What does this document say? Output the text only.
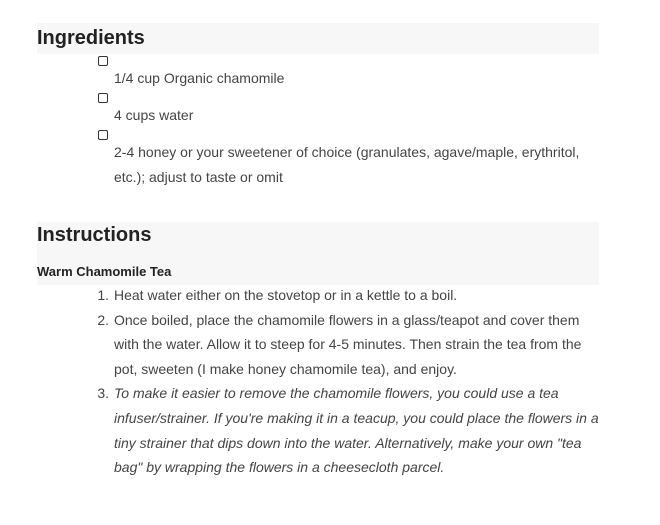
Ingredients
1/4 cup Organic chamomile
4 cups water
2-4 honey or your sweetener of choice (granulates, agave/maple, erythritol, etc.); adjust to taste or omit
Instructions
Warm Chamomile Tea
1. Heat water either on the stovetop or in a kettle to a boil.
2. Once boiled, place the chamomile flowers in a glass/teapot and cover them with the water. Allow it to steep for 4-5 minutes. Then strain the tea from the pot, sweeten (I make honey chamomile tea), and enjoy.
3. To make it easier to remove the chamomile flowers, you could use a tea infuser/strainer. If you're making it in a teacup, you could place the flowers in a tiny strainer that dips down into the water. Alternatively, make your own "tea bag" by wrapping the flowers in a cheesecloth parcel.
